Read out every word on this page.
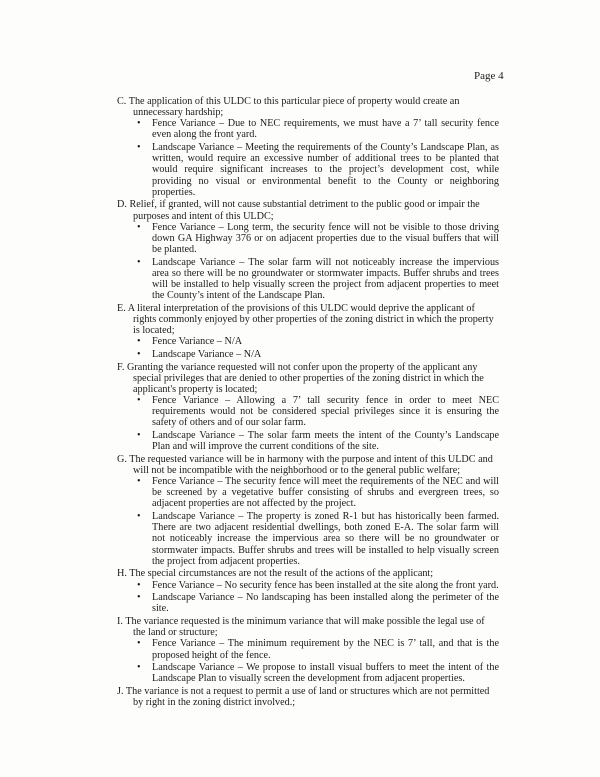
Page 4

C. The application of this ULDC to this particular piece of property would create an unnecessary hardship;

• Fence Variance – Due to NEC requirements, we must have a 7’ tall security fence even along the front yard.
• Landscape Variance – Meeting the requirements of the County’s Landscape Plan, as written, would require an excessive number of additional trees to be planted that would require significant increases to the project’s development cost, while providing no visual or environmental benefit to the County or neighboring properties.

D. Relief, if granted, will not cause substantial detriment to the public good or impair the purposes and intent of this ULDC;

• Fence Variance – Long term, the security fence will not be visible to those driving down GA Highway 376 or on adjacent properties due to the visual buffers that will be planted.
• Landscape Variance – The solar farm will not noticeably increase the impervious area so there will be no groundwater or stormwater impacts. Buffer shrubs and trees will be installed to help visually screen the project from adjacent properties to meet the County’s intent of the Landscape Plan.

E. A literal interpretation of the provisions of this ULDC would deprive the applicant of rights commonly enjoyed by other properties of the zoning district in which the property is located;

• Fence Variance – N/A
• Landscape Variance – N/A

F. Granting the variance requested will not confer upon the property of the applicant any special privileges that are denied to other properties of the zoning district in which the applicant's property is located;

• Fence Variance – Allowing a 7’ tall security fence in order to meet NEC requirements would not be considered special privileges since it is ensuring the safety of others and of our solar farm.
• Landscape Variance – The solar farm meets the intent of the County’s Landscape Plan and will improve the current conditions of the site.

G. The requested variance will be in harmony with the purpose and intent of this ULDC and will not be incompatible with the neighborhood or to the general public welfare;

• Fence Variance – The security fence will meet the requirements of the NEC and will be screened by a vegetative buffer consisting of shrubs and evergreen trees, so adjacent properties are not affected by the project.
• Landscape Variance – The property is zoned R-1 but has historically been farmed. There are two adjacent residential dwellings, both zoned E-A. The solar farm will not noticeably increase the impervious area so there will be no groundwater or stormwater impacts. Buffer shrubs and trees will be installed to help visually screen the project from adjacent properties.

H. The special circumstances are not the result of the actions of the applicant;

• Fence Variance – No security fence has been installed at the site along the front yard.
• Landscape Variance – No landscaping has been installed along the perimeter of the site.

I. The variance requested is the minimum variance that will make possible the legal use of the land or structure;

• Fence Variance – The minimum requirement by the NEC is 7’ tall, and that is the proposed height of the fence.
• Landscape Variance – We propose to install visual buffers to meet the intent of the Landscape Plan to visually screen the development from adjacent properties.

J. The variance is not a request to permit a use of land or structures which are not permitted by right in the zoning district involved.;
